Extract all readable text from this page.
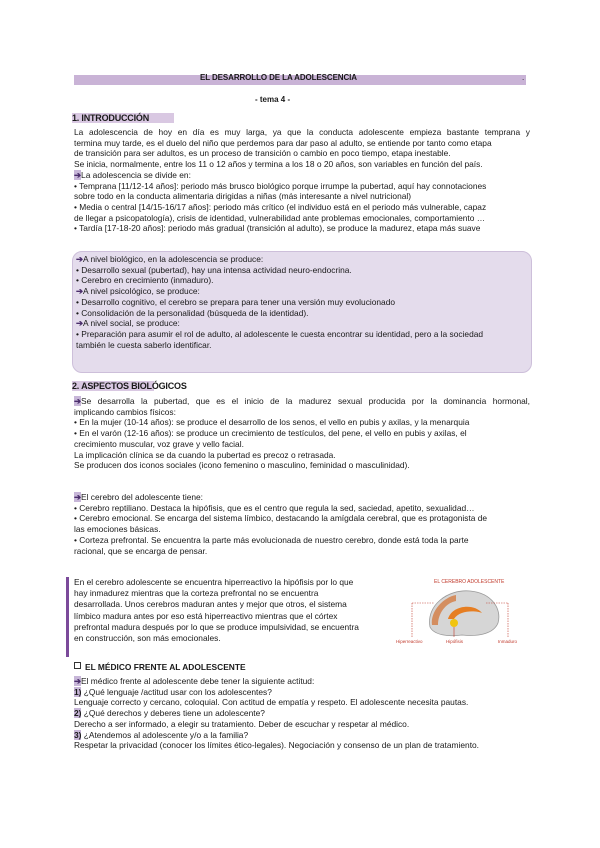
EL DESARROLLO DE LA ADOLESCENCIA	.
- tema 4 -
1. INTRODUCCIÓN
La adolescencia de hoy en día es muy larga, ya que la conducta adolescente empieza bastante temprana y
termina muy tarde, es el duelo del niño que perdemos para dar paso al adulto, se entiende por tanto como etapa
de transición para ser adultos, es un proceso de transición o cambio en poco tiempo, etapa inestable.
Se inicia, normalmente, entre los 11 o 12 años y termina a los 18 o 20 años, son variables en función del país.
➔La adolescencia se divide en:
• Temprana [11/12-14 años]: periodo más brusco biológico porque irrumpe la pubertad, aquí hay connotaciones
sobre todo en la conducta alimentaria dirigidas a niñas (más interesante a nivel nutricional)
• Media o central [14/15-16/17 años]: periodo más crítico (el individuo está en el periodo más vulnerable, capaz
de llegar a psicopatología), crisis de identidad, vulnerabilidad ante problemas emocionales, comportamiento …
• Tardía [17-18-20 años]: periodo más gradual (transición al adulto), se produce la madurez, etapa más suave
➔A nivel biológico, en la adolescencia se produce:
• Desarrollo sexual (pubertad), hay una intensa actividad neuro-endocrina.
• Cerebro en crecimiento (inmaduro).
➔A nivel psicológico, se produce:
• Desarrollo cognitivo, el cerebro se prepara para tener una versión muy evolucionado
• Consolidación de la personalidad (búsqueda de la identidad).
➔A nivel social, se produce:
• Preparación para asumir el rol de adulto, al adolescente le cuesta encontrar su identidad, pero a la sociedad
también le cuesta saberlo identificar.
2. ASPECTOS BIOLÓGICOS
➔Se desarrolla la pubertad, que es el inicio de la madurez sexual producida por la dominancia hormonal,
implicando cambios físicos:
• En la mujer (10-14 años): se produce el desarrollo de los senos, el vello en pubis y axilas, y la menarquia
• En el varón (12-16 años): se produce un crecimiento de testículos, del pene, el vello en pubis y axilas, el
crecimiento muscular, voz grave y vello facial.
La implicación clínica se da cuando la pubertad es precoz o retrasada.
Se producen dos iconos sociales (icono femenino o masculino, feminidad o masculinidad).
➔El cerebro del adolescente tiene:
• Cerebro reptiliano. Destaca la hipófisis, que es el centro que regula la sed, saciedad, apetito, sexualidad…
• Cerebro emocional. Se encarga del sistema límbico, destacando la amígdala cerebral, que es protagonista de
las emociones básicas.
• Corteza prefrontal. Se encuentra la parte más evolucionada de nuestro cerebro, donde está toda la parte
racional, que se encarga de pensar.
En el cerebro adolescente se encuentra hiperreactivo la hipófisis por lo que
hay inmadurez mientras que la corteza prefrontal no se encuentra
desarrollada. Unos cerebros maduran antes y mejor que otros, el sistema
límbico madura antes por eso está hiperreactivo mientras que el córtex
prefrontal madura después por lo que se produce impulsividad, se encuentra
en construcción, son más emocionales.
EL CEREBRO ADOLESCENTE
Hiperreactivo	Hipófisis	Inmaduro
EL MÉDICO FRENTE AL ADOLESCENTE
➔El médico frente al adolescente debe tener la siguiente actitud:
1) ¿Qué lenguaje /actitud usar con los adolescentes?
Lenguaje correcto y cercano, coloquial. Con actitud de empatía y respeto. El adolescente necesita pautas.
2) ¿Qué derechos y deberes tiene un adolescente?
Derecho a ser informado, a elegir su tratamiento. Deber de escuchar y respetar al médico.
3) ¿Atendemos al adolescente y/o a la familia?
Respetar la privacidad (conocer los límites ético-legales). Negociación y consenso de un plan de tratamiento.
